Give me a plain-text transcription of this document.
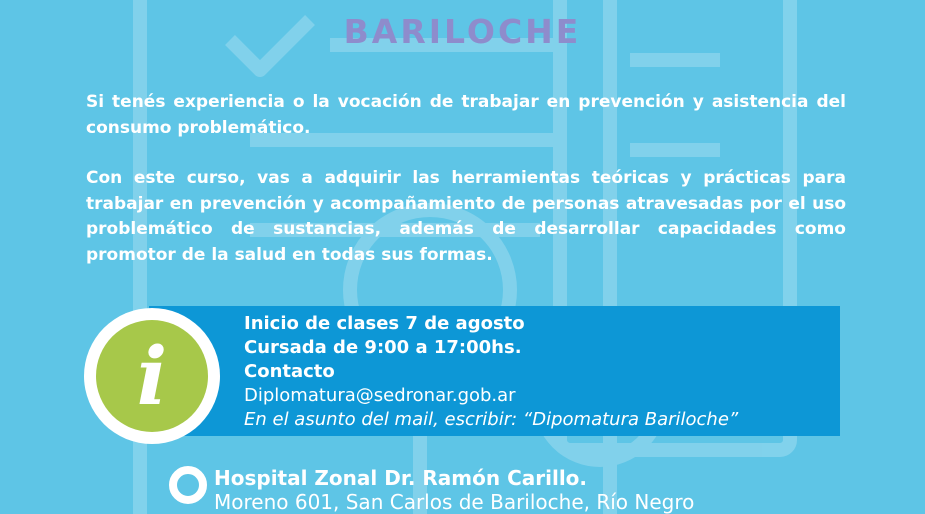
BARILOCHE

Si tenés experiencia o la vocación de trabajar en prevención y asistencia del consumo problemático.

Con este curso, vas a adquirir las herramientas teóricas y prácticas para trabajar en prevención y acompañamiento de personas atravesadas por el uso problemático de sustancias, además de desarrollar capacidades como promotor de la salud en todas sus formas.

i
Inicio de clases 7 de agosto
Cursada de 9:00 a 17:00hs.
Contacto
Diplomatura@sedronar.gob.ar
En el asunto del mail, escribir: “Dipomatura Bariloche”
Hospital Zonal Dr. Ramón Carillo.
Moreno 601, San Carlos de Bariloche, Río Negro
